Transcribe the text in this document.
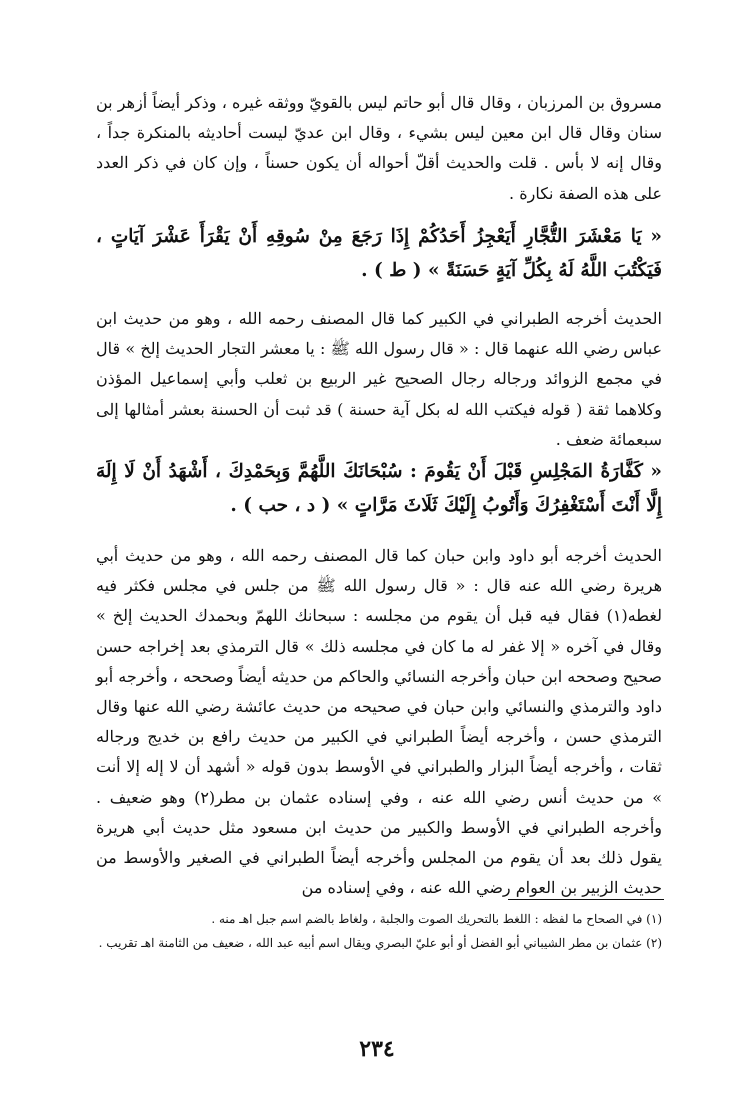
مسروق بن المرزبان ، وقال قال أبو حاتم ليس بالقويّ ووثقه غيره ، وذكر أيضاً أزهر بن سنان وقال قال ابن معين ليس بشيء ، وقال ابن عديّ ليست أحاديثه بالمنكرة جداً ، وقال إنه لا بأس . قلت والحديث أقلّ أحواله أن يكون حسناً ، وإن كان في ذكر العدد على هذه الصفة نكارة .
« يَا مَعْشَرَ التُّجَّارِ أَيَعْجِزُ أَحَدُكُمْ إِذَا رَجَعَ مِنْ سُوقِهِ أَنْ يَقْرَأَ عَشْرَ آيَاتٍ ، فَيَكْتُبَ اللَّهُ لَهُ بِكُلِّ آيَةٍ حَسَنَةً » ( ط ) .
الحديث أخرجه الطبراني في الكبير كما قال المصنف رحمه الله ، وهو من حديث ابن عباس رضي الله عنهما قال : « قال رسول الله ﷺ : يا معشر التجار الحديث إلخ » قال في مجمع الزوائد ورجاله رجال الصحيح غير الربيع بن ثعلب وأبي إسماعيل المؤذن وكلاهما ثقة ( قوله فيكتب الله له بكل آية حسنة ) قد ثبت أن الحسنة بعشر أمثالها إلى سبعمائة ضعف .
« كَفَّارَةُ المَجْلِسِ قَبْلَ أَنْ يَقُومَ : سُبْحَانَكَ اللَّهُمَّ وَبِحَمْدِكَ ، أَشْهَدُ أَنْ لَا إِلَهَ إِلَّا أَنْتَ أَسْتَغْفِرُكَ وَأَتُوبُ إِلَيْكَ ثَلَاثَ مَرَّاتٍ » ( د ، حب ) .
الحديث أخرجه أبو داود وابن حبان كما قال المصنف رحمه الله ، وهو من حديث أبي هريرة رضي الله عنه قال : « قال رسول الله ﷺ من جلس في مجلس فكثر فيه لغطه(١) فقال فيه قبل أن يقوم من مجلسه : سبحانك اللهمّ وبحمدك الحديث إلخ » وقال في آخره « إلا غفر له ما كان في مجلسه ذلك » قال الترمذي بعد إخراجه حسن صحيح وصححه ابن حبان وأخرجه النسائي والحاكم من حديثه أيضاً وصححه ، وأخرجه أبو داود والترمذي والنسائي وابن حبان في صحيحه من حديث عائشة رضي الله عنها وقال الترمذي حسن ، وأخرجه أيضاً الطبراني في الكبير من حديث رافع بن خديج ورجاله ثقات ، وأخرجه أيضاً البزار والطبراني في الأوسط بدون قوله « أشهد أن لا إله إلا أنت » من حديث أنس رضي الله عنه ، وفي إسناده عثمان بن مطر(٢) وهو ضعيف . وأخرجه الطبراني في الأوسط والكبير من حديث ابن مسعود مثل حديث أبي هريرة يقول ذلك بعد أن يقوم من المجلس وأخرجه أيضاً الطبراني في الصغير والأوسط من حديث الزبير بن العوام رضي الله عنه ، وفي إسناده من
(١) في الصحاح ما لفظه : اللغط بالتحريك الصوت والجلبة ، ولغاط بالضم اسم جبل اهـ منه .
(٢) عثمان بن مطر الشيباني أبو الفضل أو أبو عليّ البصري ويقال اسم أبيه عبد الله ، ضعيف من الثامنة اهـ تقريب .
٢٣٤
